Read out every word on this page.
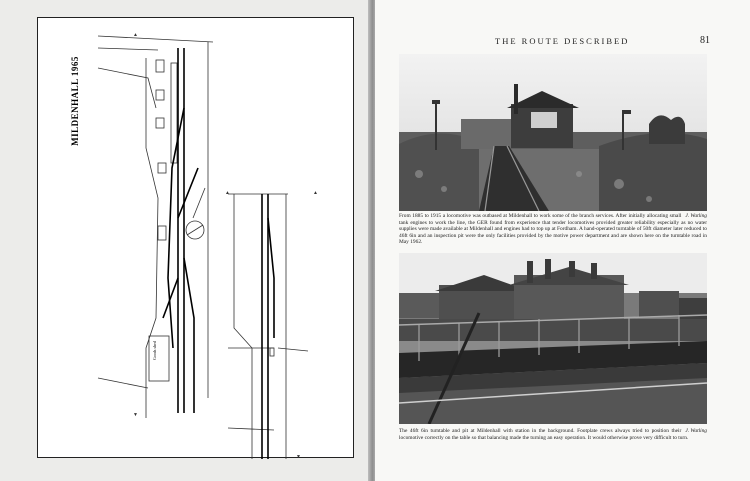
▲
▲
▲
▼
▼
Goods shed
MILDENHALL 1965
THE ROUTE DESCRIBED	81
J. Watling
From 1885 to 1915 a locomotive was outbased at Mildenhall to work some of the branch services. After initially allocating small tank engines to work the line, the GER found from experience that tender locomotives provided greater reliability especially as no water supplies were made available at Mildenhall and engines had to top up at Fordham. A hand-operated turntable of 50ft diameter later reduced to 46ft 6in and an inspection pit were the only facilities provided by the motive power department and are shown here on the turntable road in May 1962.
J. Watling
The 46ft 6in turntable and pit at Mildenhall with station in the background. Footplate crews always tried to position their locomotive correctly on the table so that balancing made the turning an easy operation. It would otherwise prove very difficult to turn.
